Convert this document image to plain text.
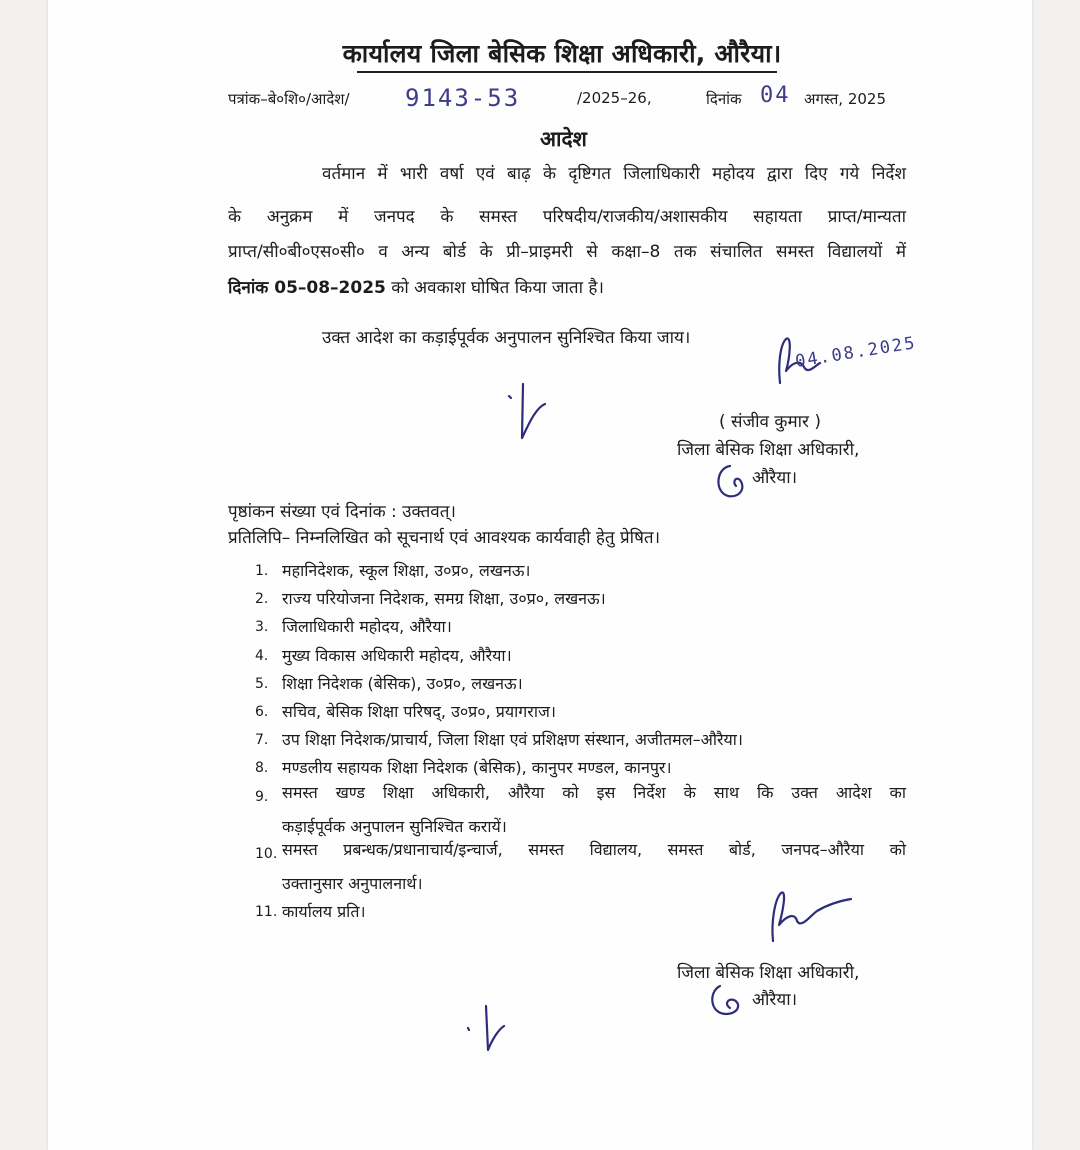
कार्यालय जिला बेसिक शिक्षा अधिकारी, औरैया।
पत्रांक–बे०शि०/आदेश/ 9143-53	/2025–26,	दिनांक 04 अगस्त, 2025
आदेश
वर्तमान में भारी वर्षा एवं बाढ़ के दृष्टिगत जिलाधिकारी महोदय द्वारा दिए गये निर्देश
के अनुक्रम में जनपद के समस्त परिषदीय/राजकीय/अशासकीय सहायता प्राप्त/मान्यता
प्राप्त/सी०बी०एस०सी० व अन्य बोर्ड के प्री–प्राइमरी से कक्षा–8 तक संचालित समस्त विद्यालयों में
दिनांक 05–08–2025 को अवकाश घोषित किया जाता है।
उक्त आदेश का कड़ाईपूर्वक अनुपालन सुनिश्चित किया जाय।	04.08.2025
( संजीव कुमार )
जिला बेसिक शिक्षा अधिकारी,
औरैया।
पृष्ठांकन संख्या एवं दिनांक : उक्तवत्।
प्रतिलिपि– निम्नलिखित को सूचनार्थ एवं आवश्यक कार्यवाही हेतु प्रेषित।
1. महानिदेशक, स्कूल शिक्षा, उ०प्र०, लखनऊ।
2. राज्य परियोजना निदेशक, समग्र शिक्षा, उ०प्र०, लखनऊ।
3. जिलाधिकारी महोदय, औरैया।
4. मुख्य विकास अधिकारी महोदय, औरैया।
5. शिक्षा निदेशक (बेसिक), उ०प्र०, लखनऊ।
6. सचिव, बेसिक शिक्षा परिषद्, उ०प्र०, प्रयागराज।
7. उप शिक्षा निदेशक/प्राचार्य, जिला शिक्षा एवं प्रशिक्षण संस्थान, अजीतमल–औरैया।
8. मण्डलीय सहायक शिक्षा निदेशक (बेसिक), कानुपर मण्डल, कानपुर।
9. समस्त खण्ड शिक्षा अधिकारी, औरैया को इस निर्देश के साथ कि उक्त आदेश का
कड़ाईपूर्वक अनुपालन सुनिश्चित करायें।
10. समस्त प्रबन्धक/प्रधानाचार्य/इन्चार्ज, समस्त विद्यालय, समस्त बोर्ड, जनपद–औरैया को
उक्तानुसार अनुपालनार्थ।
11. कार्यालय प्रति।
जिला बेसिक शिक्षा अधिकारी,
औरैया।
